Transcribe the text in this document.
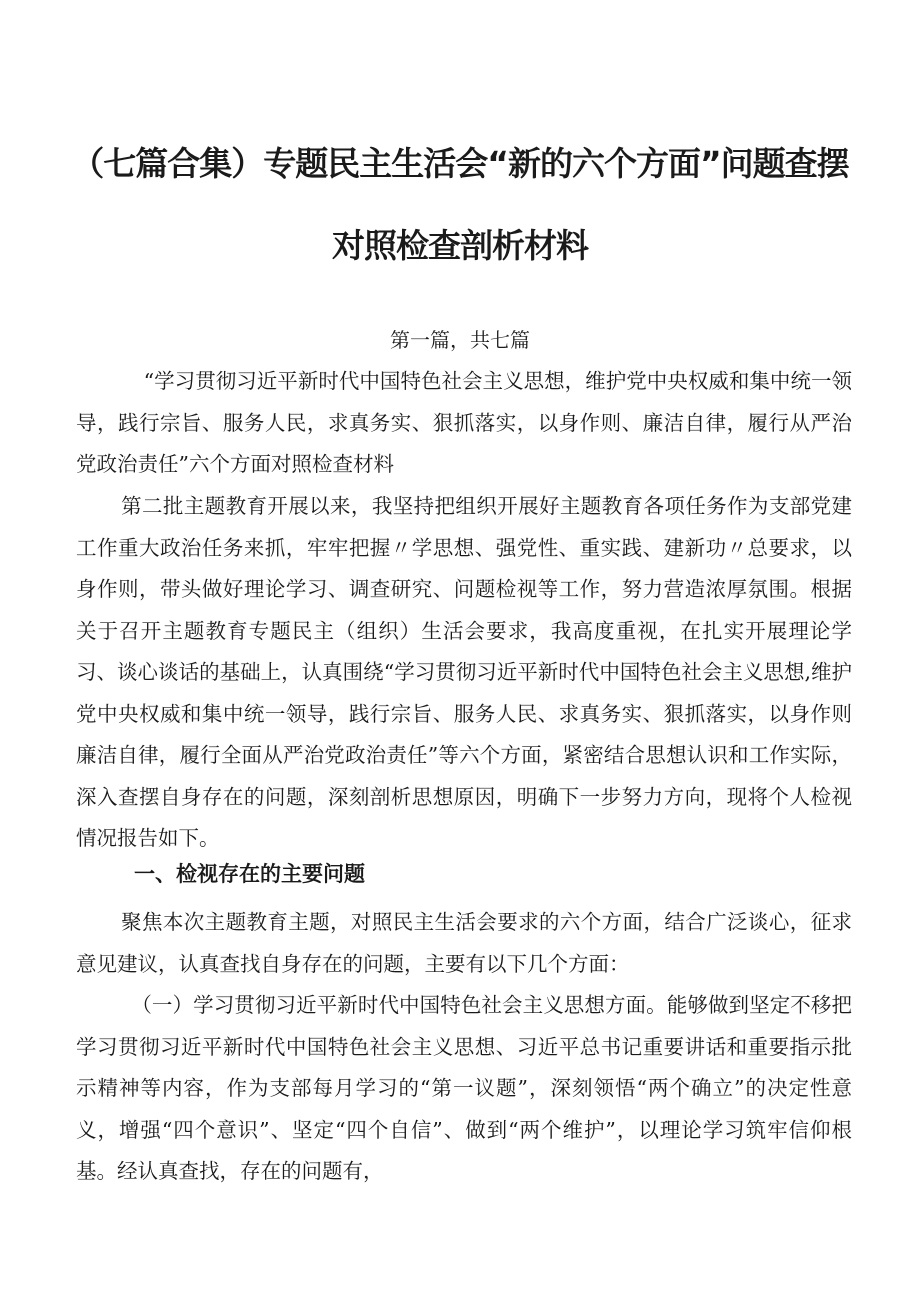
（七篇合集）专题民主生活会“新的六个方面”问题查摆
对照检查剖析材料
第一篇，共七篇

“学习贯彻习近平新时代中国特色社会主义思想，维护党中央权威和集中统一领导，践行宗旨、服务人民，求真务实、狠抓落实，以身作则、廉洁自律，履行从严治党政治责任”六个方面对照检查材料

第二批主题教育开展以来，我坚持把组织开展好主题教育各项任务作为支部党建工作重大政治任务来抓，牢牢把握〃学思想、强党性、重实践、建新功〃总要求，以身作则，带头做好理论学习、调查研究、问题检视等工作，努力营造浓厚氛围。根据关于召开主题教育专题民主（组织）生活会要求，我高度重视，在扎实开展理论学习、谈心谈话的基础上，认真围绕“学习贯彻习近平新时代中国特色社会主义思想,维护党中央权威和集中统一领导，践行宗旨、服务人民、求真务实、狠抓落实，以身作则廉洁自律，履行全面从严治党政治责任”等六个方面，紧密结合思想认识和工作实际，深入查摆自身存在的问题，深刻剖析思想原因，明确下一步努力方向，现将个人检视情况报告如下。

一、检视存在的主要问题

聚焦本次主题教育主题，对照民主生活会要求的六个方面，结合广泛谈心，征求意见建议，认真查找自身存在的问题，主要有以下几个方面：

（一）学习贯彻习近平新时代中国特色社会主义思想方面。能够做到坚定不移把学习贯彻习近平新时代中国特色社会主义思想、习近平总书记重要讲话和重要指示批示精神等内容，作为支部每月学习的“第一议题”，深刻领悟“两个确立”的决定性意义，增强“四个意识”、坚定“四个自信”、做到“两个维护”，以理论学习筑牢信仰根基。经认真查找，存在的问题有，
